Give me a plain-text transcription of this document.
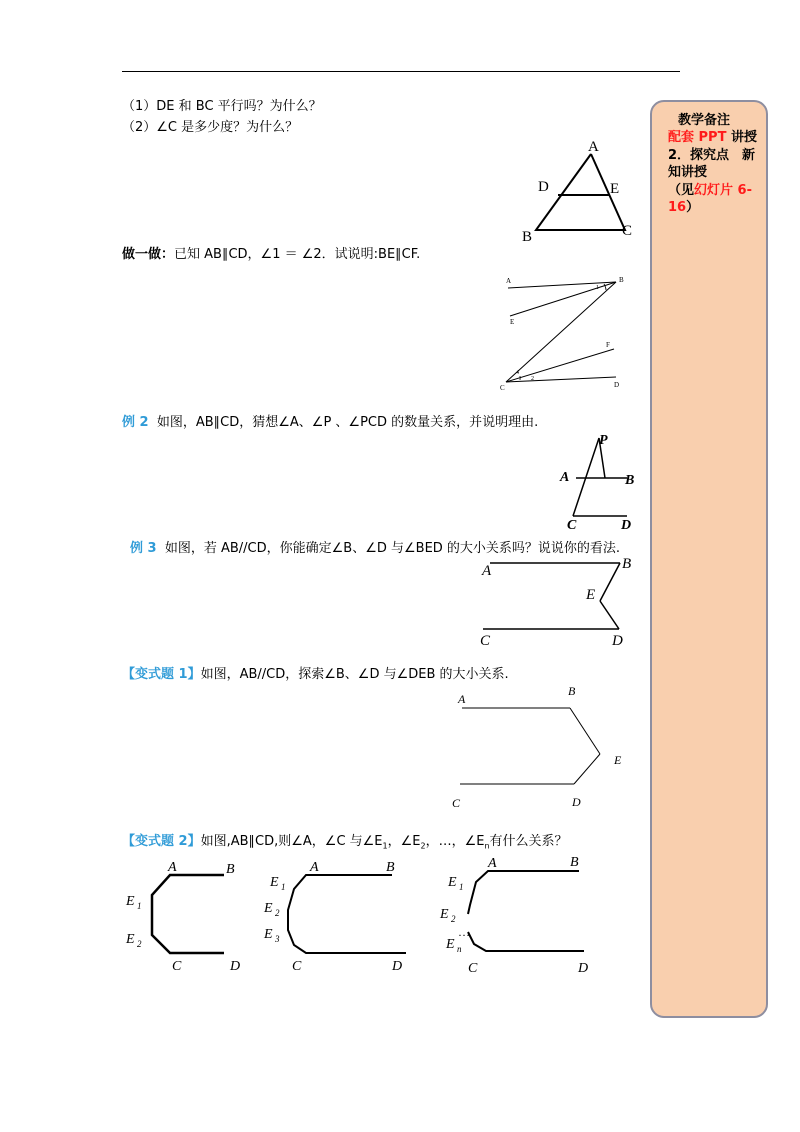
（1）DE 和 BC 平行吗？为什么？
（2）∠C 是多少度？为什么？
A
D	E
B	C
做一做：已知 AB∥CD，∠1 ＝ ∠2．试说明:BE∥CF.
A	B
E
F
C	D
1
4
2
例 2 如图，AB∥CD，猜想∠A、∠P 、∠PCD 的数量关系，并说明理由.
P
A	B
C	D
例 3 如图，若 AB//CD，你能确定∠B、∠D 与∠BED 的大小关系吗？说说你的看法.
A	B
E
C	D
【变式题 1】如图，AB//CD，探索∠B、∠D 与∠DEB 的大小关系.
A
B
E
C	D
【变式题 2】如图,AB∥CD,则∠A，∠C 与$\angle E_1$，$\angle E_2$，…，$\angle E_n$有什么关系？
A	B
E 1
E 2
C	D
A	B
E 1
E 2
E 3
C	D
A	B
E 1
E 2
…
E n
C	D
教学备注
配套 PPT 讲授
2．探究点　新
知讲授
（见幻灯片 6-
16）
